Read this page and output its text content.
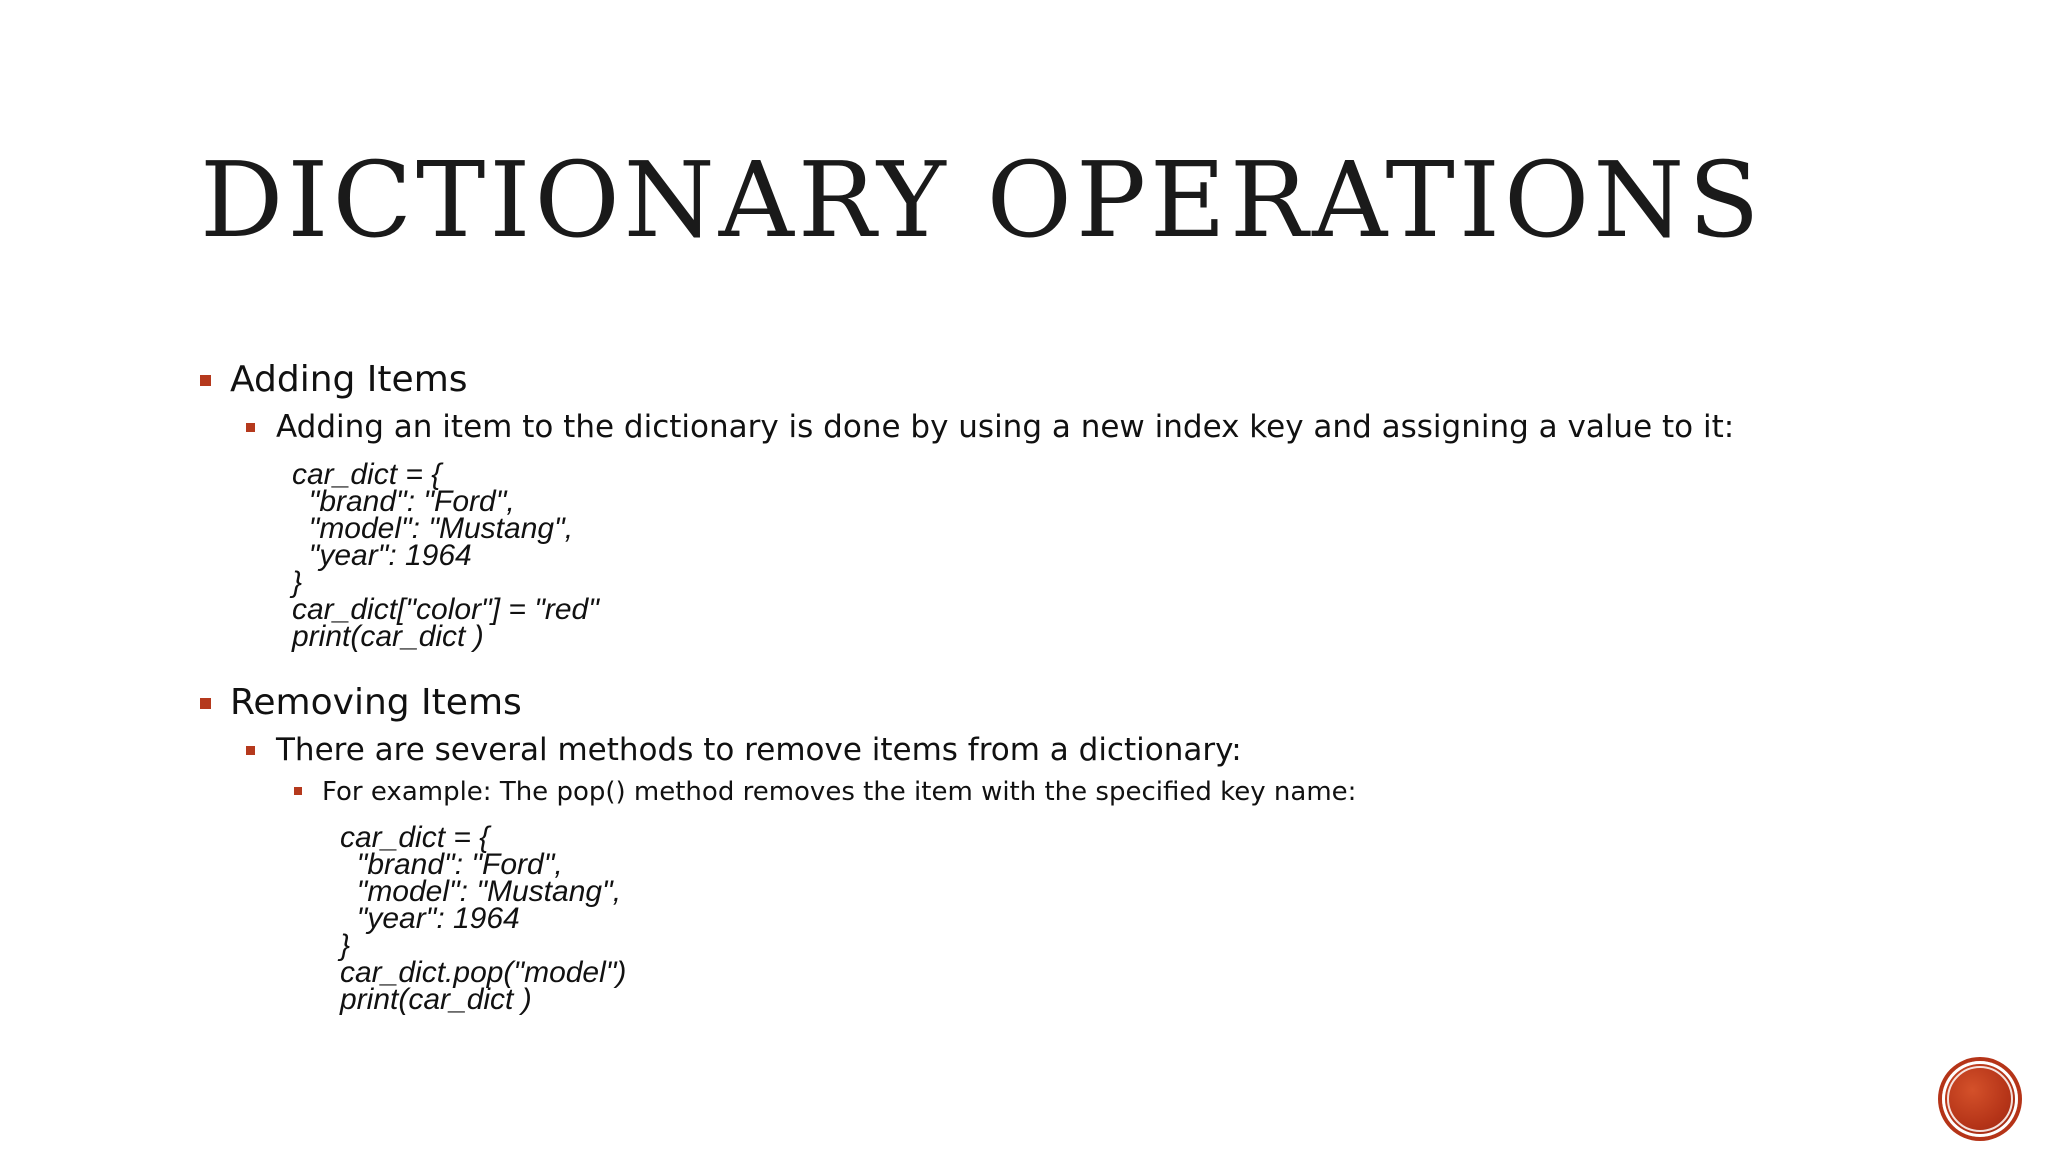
DICTIONARY OPERATIONS
Adding Items
Adding an item to the dictionary is done by using a new index key and assigning a value to it:
car_dict = {
"brand": "Ford",
"model": "Mustang",
"year": 1964
}
car_dict["color"] = "red"
print(car_dict )
Removing Items
There are several methods to remove items from a dictionary:
For example: The pop() method removes the item with the specified key name:
car_dict = {
"brand": "Ford",
"model": "Mustang",
"year": 1964
}
car_dict.pop("model")
print(car_dict )
